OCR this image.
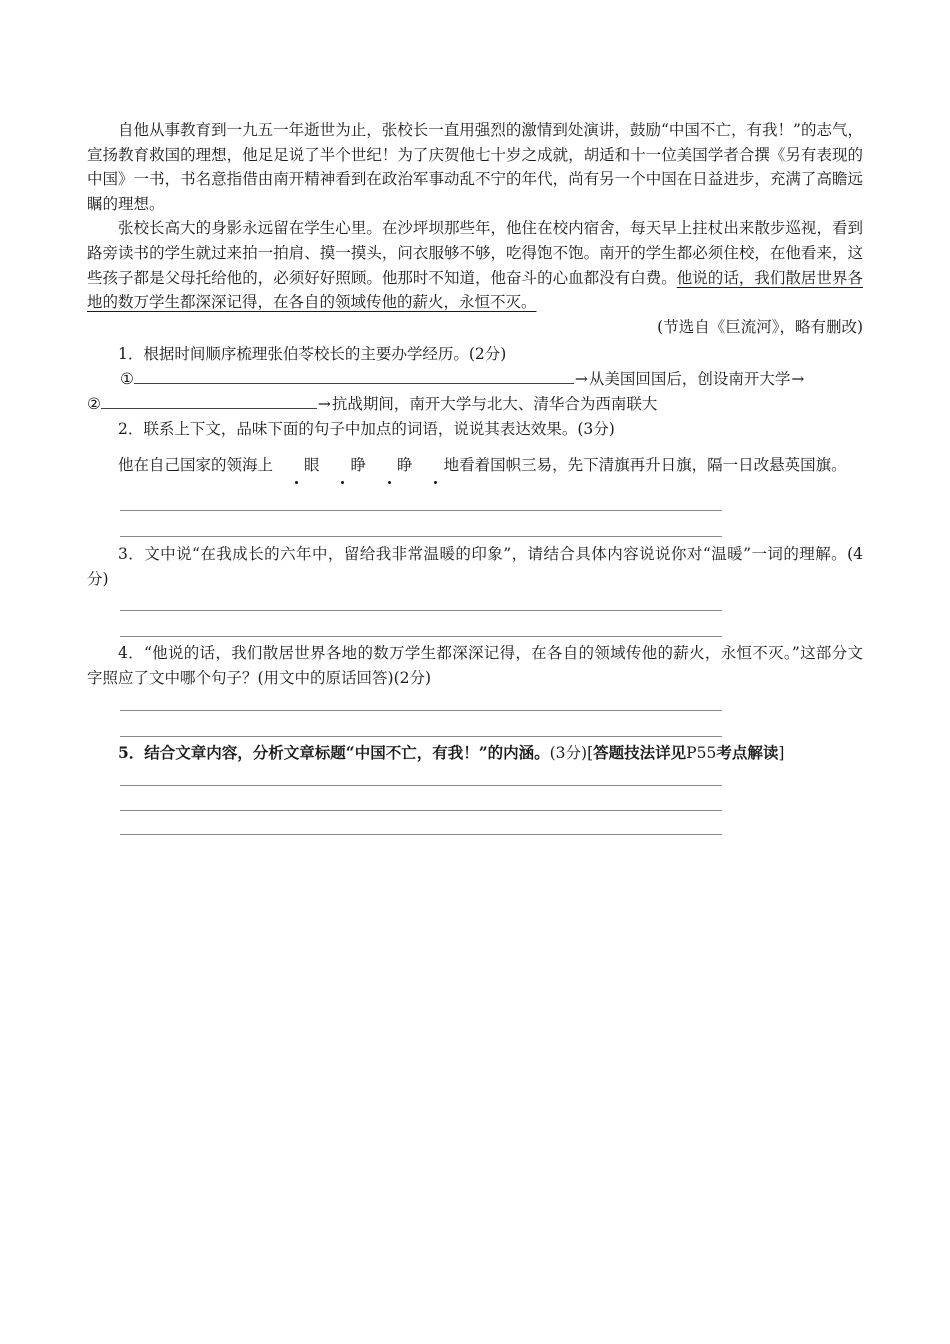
自他从事教育到一九五一年逝世为止，张校长一直用强烈的激情到处演讲，鼓励“中国不亡，有我！”的志气，宣扬教育救国的理想，他足足说了半个世纪！为了庆贺他七十岁之成就，胡适和十一位美国学者合撰《另有表现的中国》一书，书名意指借由南开精神看到在政治军事动乱不宁的年代，尚有另一个中国在日益进步，充满了高瞻远瞩的理想。

张校长高大的身影永远留在学生心里。在沙坪坝那些年，他住在校内宿舍，每天早上拄杖出来散步巡视，看到路旁读书的学生就过来拍一拍肩、摸一摸头，问衣服够不够，吃得饱不饱。南开的学生都必须住校，在他看来，这些孩子都是父母托给他的，必须好好照顾。他那时不知道，他奋斗的心血都没有白费。他说的话，我们散居世界各地的数万学生都深深记得，在各自的领域传他的薪火，永恒不灭。

(节选自《巨流河》，略有删改)

1．根据时间顺序梳理张伯苓校长的主要办学经历。(2分)

①	→从美国回国后，创设南开大学→
②	→抗战期间，南开大学与北大、清华合为西南联大

2．联系上下文，品味下面的句子中加点的词语，说说其表达效果。(3分)

他在自己国家的领海上 眼 睁 睁 地看着国帜三易，先下清旗再升日旗，隔一日改悬英国旗。

3．文中说“在我成长的六年中，留给我非常温暖的印象”，请结合具体内容说说你对“温暖”一词的理解。(4分)

4．“他说的话，我们散居世界各地的数万学生都深深记得，在各自的领域传他的薪火，永恒不灭。”这部分文字照应了文中哪个句子？(用文中的原话回答)(2分)

5．结合文章内容，分析文章标题“中国不亡，有我！”的内涵。(3分)[答题技法详见P55考点解读]
